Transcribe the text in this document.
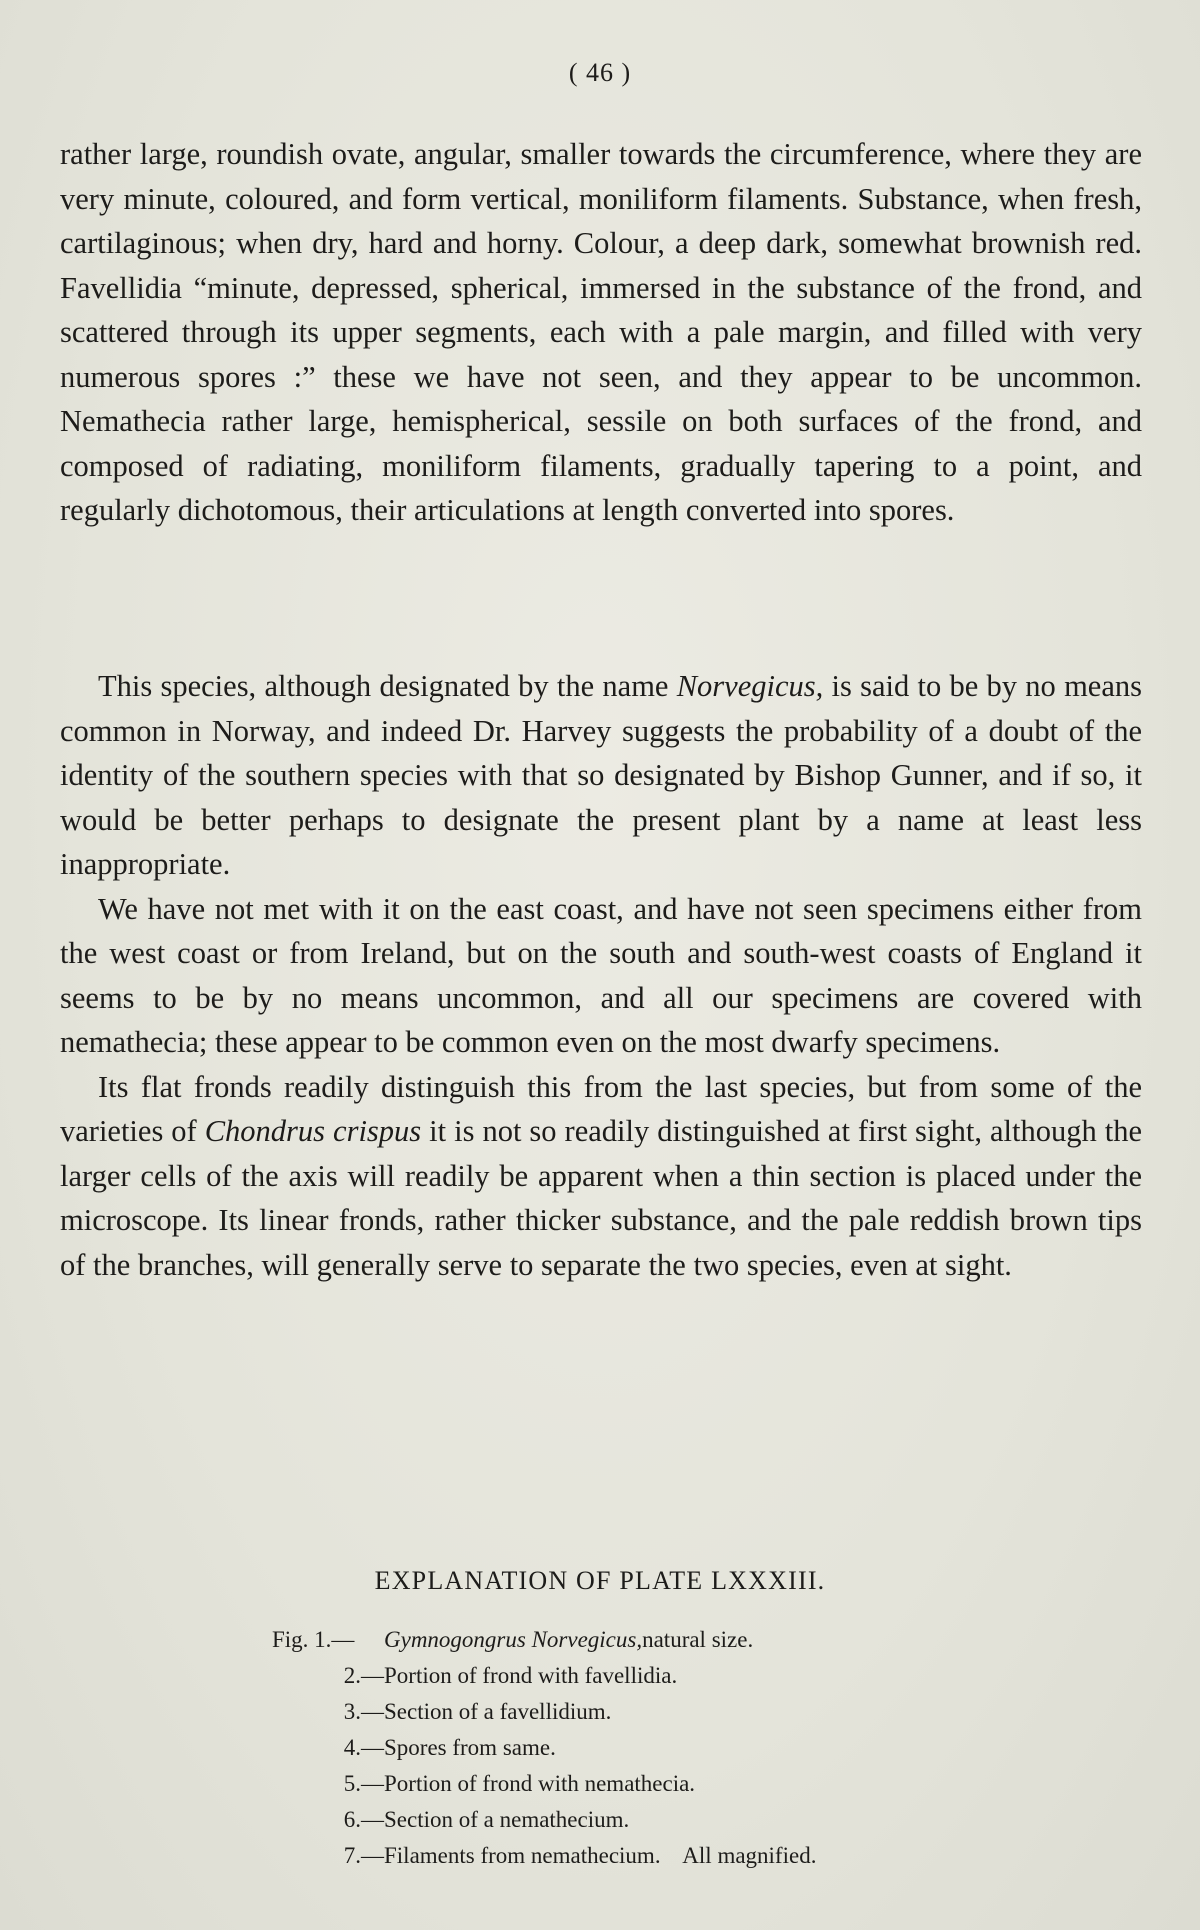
( 46 )

rather large, roundish ovate, angular, smaller towards the circumference, where they are very minute, coloured, and form vertical, moniliform filaments. Substance, when fresh, cartilaginous; when dry, hard and horny. Colour, a deep dark, somewhat brownish red. Favellidia “minute, depressed, spherical, immersed in the substance of the frond, and scattered through its upper segments, each with a pale margin, and filled with very numerous spores :” these we have not seen, and they appear to be uncommon. Nemathecia rather large, hemispherical, sessile on both surfaces of the frond, and composed of radiating, moniliform filaments, gradually tapering to a point, and regularly dichotomous, their articulations at length converted into spores.

This species, although designated by the name Norvegicus, is said to be by no means common in Norway, and indeed Dr. Harvey suggests the probability of a doubt of the identity of the southern species with that so designated by Bishop Gunner, and if so, it would be better perhaps to designate the present plant by a name at least less inappropriate.

We have not met with it on the east coast, and have not seen specimens either from the west coast or from Ireland, but on the south and south-west coasts of England it seems to be by no means uncommon, and all our specimens are covered with nemathecia; these appear to be common even on the most dwarfy specimens.

Its flat fronds readily distinguish this from the last species, but from some of the varieties of Chondrus crispus it is not so readily distinguished at first sight, although the larger cells of the axis will readily be apparent when a thin section is placed under the microscope. Its linear fronds, rather thicker substance, and the pale reddish brown tips of the branches, will generally serve to separate the two species, even at sight.

EXPLANATION OF PLATE LXXXIII.
Fig. 1.—	Gymnogongrus Norvegicus, natural size.
2.— Portion of frond with favellidia.
3.— Section of a favellidium.
4.— Spores from same.
5.— Portion of frond with nemathecia.
6.— Section of a nemathecium.
7.— Filaments from nemathecium.    All magnified.
